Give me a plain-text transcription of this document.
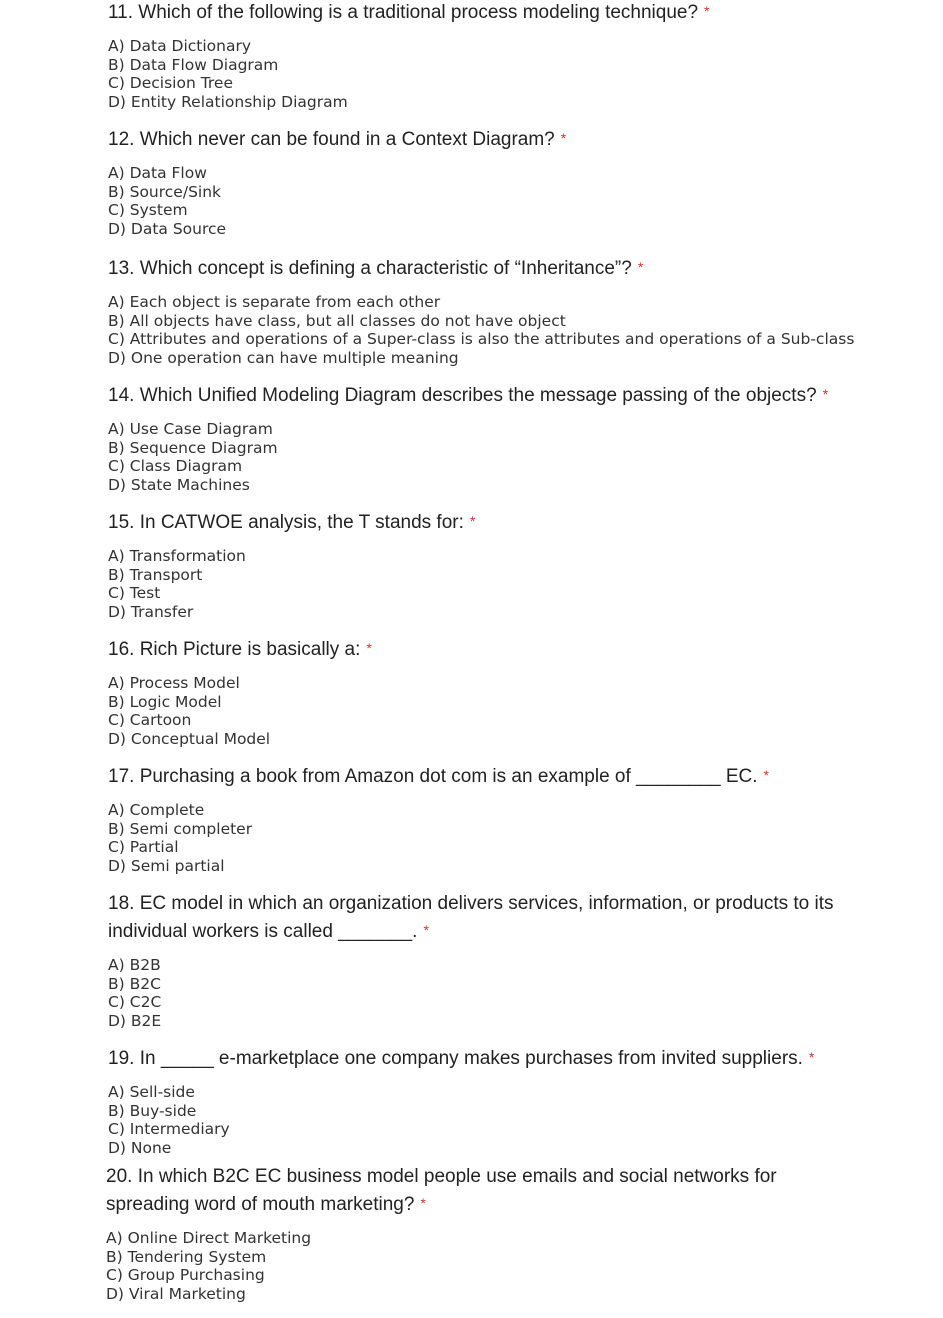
11. Which of the following is a traditional process modeling technique? *
A) Data Dictionary
B) Data Flow Diagram
C) Decision Tree
D) Entity Relationship Diagram
12. Which never can be found in a Context Diagram? *
A) Data Flow
B) Source/Sink
C) System
D) Data Source
13. Which concept is defining a characteristic of “Inheritance”? *
A) Each object is separate from each other
B) All objects have class, but all classes do not have object
C) Attributes and operations of a Super-class is also the attributes and operations of a Sub-class
D) One operation can have multiple meaning
14. Which Unified Modeling Diagram describes the message passing of the objects? *
A) Use Case Diagram
B) Sequence Diagram
C) Class Diagram
D) State Machines
15. In CATWOE analysis, the T stands for: *
A) Transformation
B) Transport
C) Test
D) Transfer
16. Rich Picture is basically a: *
A) Process Model
B) Logic Model
C) Cartoon
D) Conceptual Model
17. Purchasing a book from Amazon dot com is an example of ________ EC. *
A) Complete
B) Semi completer
C) Partial
D) Semi partial
18. EC model in which an organization delivers services, information, or products to its individual workers is called _______. *
A) B2B
B) B2C
C) C2C
D) B2E
19. In _____ e-marketplace one company makes purchases from invited suppliers. *
A) Sell-side
B) Buy-side
C) Intermediary
D) None
20. In which B2C EC business model people use emails and social networks for spreading word of mouth marketing? *
A) Online Direct Marketing
B) Tendering System
C) Group Purchasing
D) Viral Marketing
